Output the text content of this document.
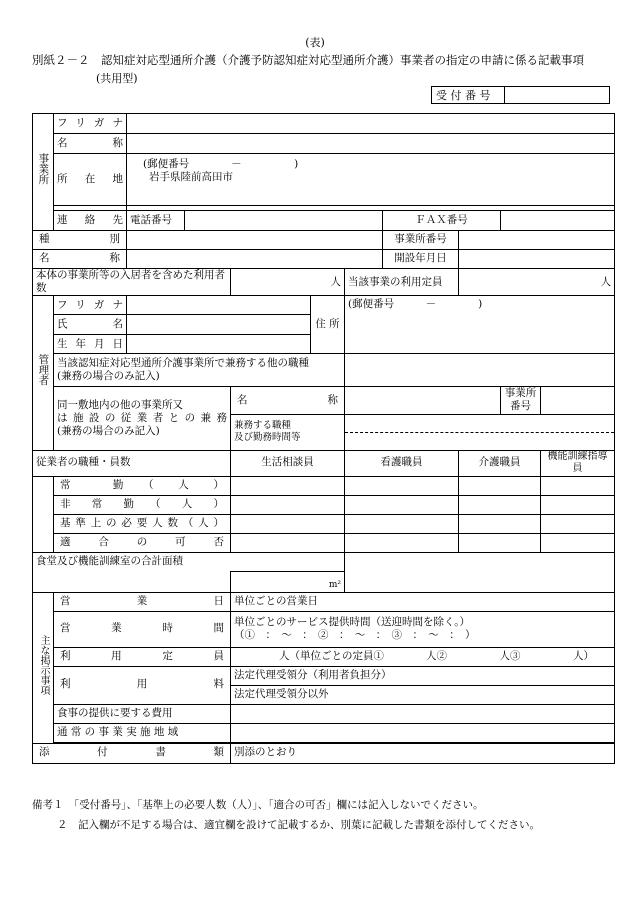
(表)
別紙２－２　認知症対応型通所介護（介護予防認知症対応型通所介護）事業者の指定の申請に係る記載事項
(共用型)
受 付 番 号	
事業所	フリガナ									
	名　　称									
	所　在　地	(郵便番号　　　　－　　　　　)
岩手県陸前高田市								

	連　絡　先	電話番号					ＦＡＸ番号			
種　　　別							事業所番号			
名　　　称							開設年月日			
本体の事業所等の入居者を含めた利用者数				人		当該事業の利用定員		人		
管理者	フリガナ				住 所	(郵便番号　　　－　　　　)				
	氏　　名									
	生 年 月 日									

	当該認知症対応型通所介護事業所で兼務する他の職種
(兼務の場合のみ記入)									

	同一敷地内の他の事業所又
は施設の従業者との兼務
(兼務の場合のみ記入)			名　　称					事業所番号	

				兼務する職種
及び勤務時間等						

従業者の職種・員数				生活相談員		看護職員		介護職員		機能訓練指導員
	常　　勤　（　人　）									
	非　常　勤　（　人　）									
	基準上の必要人数（人）									
	適　　合　　の　　可　　否									
食堂及び機能訓練室の合計面積										
				m²						
主な掲示事項	営　　業　　日			単位ごとの営業日						
	営　業　時　間			単位ごとのサービス提供時間（送迎時間を除く。）
（①　：　～　：　②　：　～　：　③　：　～　：　）						

	利　用　定　員			人（単位ごとの定員①　　　　人②　　　　　人③　　　　　人）						
	利　　用　　料			法定代理受領分（利用者負担分）						
				法定代理受領分以外						
	食事の提供に要する費用									
	通 常 の 事 業 実 施 地 域									

添　　付　　書　　類				別添のとおり						
備考１　「受付番号」、「基準上の必要人数（人）」、「適合の可否」欄には記入しないでください。
２　記入欄が不足する場合は、適宜欄を設けて記載するか、別葉に記載した書類を添付してください。
